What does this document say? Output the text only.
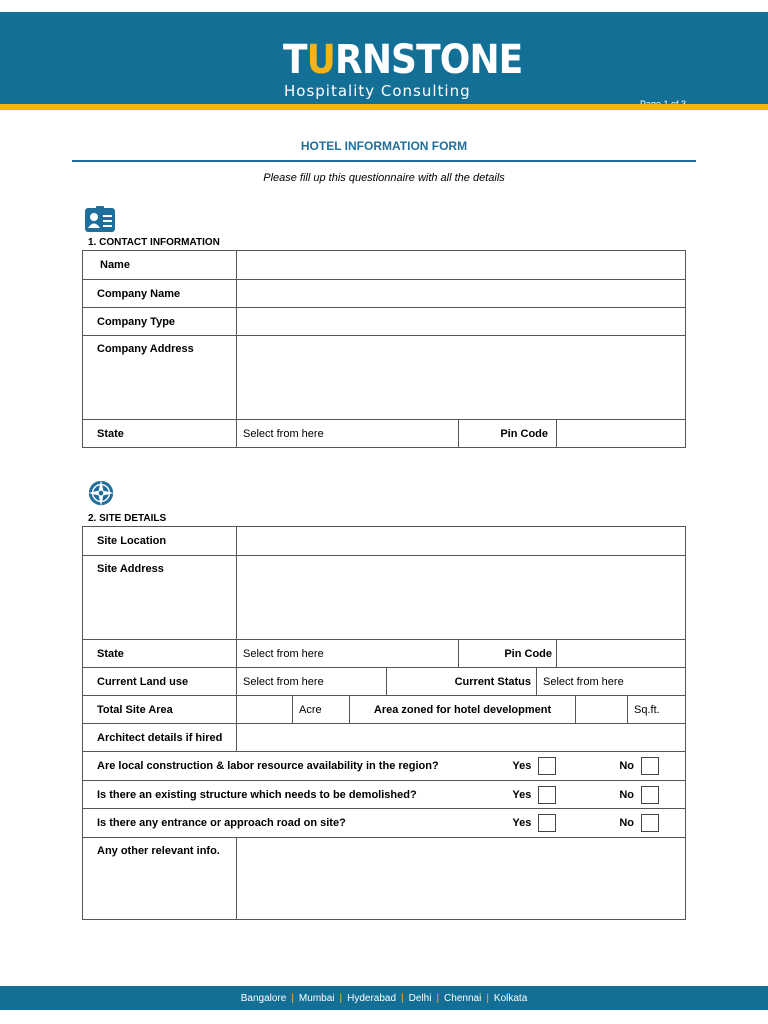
TURNSTONE
Hospitality Consulting
HOTEL INFORMATION FORM
Please fill up this questionnaire with all the details
1. CONTACT INFORMATION
Name
Company Name
Company Type
Company Address
State	Select from here	Pin Code
2. SITE DETAILS
Site Location
Site Address
State	Select from here	Pin Code
Current Land use	Select from here	Current Status	Select from here
Total Site Area	Acre	Area zoned for hotel development	Sq.ft.
Architect details if hired
Are local construction & labor resource availability in the region?	Yes	No
Is there an existing structure which needs to be demolished?	Yes	No
Is there any entrance or approach road on site?	Yes	No
Any other relevant info.
Bangalore | Mumbai | Hyderabad | Delhi | Chennai | Kolkata
